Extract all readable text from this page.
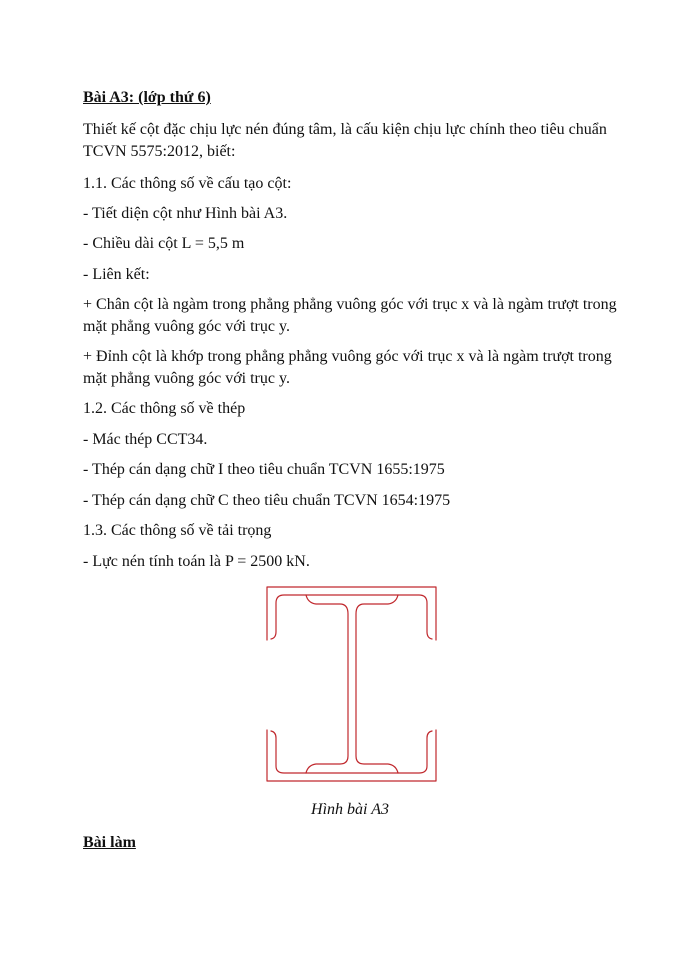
Bài A3: (lớp thứ 6)
Thiết kế cột đặc chịu lực nén đúng tâm, là cấu kiện chịu lực chính theo tiêu chuẩn
TCVN 5575:2012, biết:
1.1. Các thông số về cấu tạo cột:
- Tiết diện cột như Hình bài A3.
- Chiều dài cột L = 5,5 m
- Liên kết:
+ Chân cột là ngàm trong phẳng phẳng vuông góc với trục x và là ngàm trượt trong
mặt phẳng vuông góc với trục y.
+ Đỉnh cột là khớp trong phẳng phẳng vuông góc với trục x và là ngàm trượt trong
mặt phẳng vuông góc với trục y.
1.2. Các thông số về thép
- Mác thép CCT34.
- Thép cán dạng chữ I theo tiêu chuẩn TCVN 1655:1975
- Thép cán dạng chữ C theo tiêu chuẩn TCVN 1654:1975
1.3. Các thông số về tải trọng
- Lực nén tính toán là P = 2500 kN.
Hình bài A3
Bài làm
